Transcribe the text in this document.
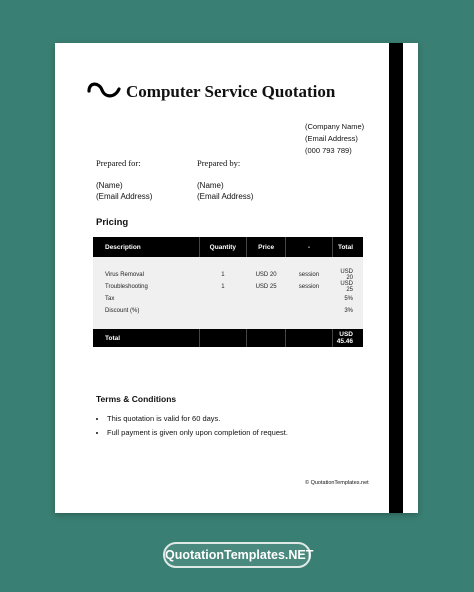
Computer Service Quotation
(Company Name)
(Email Address)
(000 793 789)
Prepared for:	Prepared by:
(Name)
(Email Address)
(Name)
(Email Address)
Pricing
Description	Quantity	Price	-	Total

Virus Removal	1	USD 20	session	USD 20
Troubleshooting	1	USD 25	session	USD 25
Tax				5%
Discount (%)				3%

Total				USD 45.46
Terms & Conditions
• This quotation is valid for 60 days.
• Full payment is given only upon completion of request.
© QuotationTemplates.net
QuotationTemplates.NET
